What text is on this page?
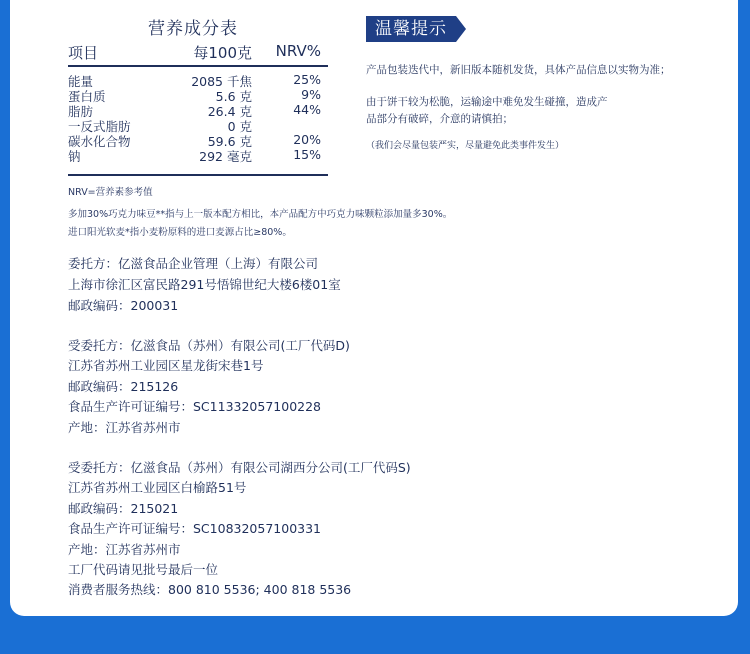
营养成分表
项目	每100克	NRV%
能量	2085 千焦	25%
蛋白质	5.6 克	9%
脂肪	26.4 克	44%
一反式脂肪	0 克
碳水化合物	59.6 克	20%
钠	292 毫克	15%
NRV=营养素参考值
多加30%巧克力味豆**指与上一版本配方相比，本产品配方中巧克力味颗粒添加量多30%。
进口阳光软麦*指小麦粉原料的进口麦源占比≥80%。
温馨提示
产品包装迭代中，新旧版本随机发货，具体产品信息以实物为准；
由于饼干较为松脆，运输途中难免发生碰撞，造成产
品部分有破碎，介意的请慎拍；
（我们会尽量包装严实，尽量避免此类事件发生）
委托方：亿滋食品企业管理（上海）有限公司
上海市徐汇区富民路291号悟锦世纪大楼6楼01室
邮政编码：200031
受委托方：亿滋食品（苏州）有限公司(工厂代码D)
江苏省苏州工业园区星龙街宋巷1号
邮政编码：215126
食品生产许可证编号：SC11332057100228
产地：江苏省苏州市
受委托方：亿滋食品（苏州）有限公司湖西分公司(工厂代码S)
江苏省苏州工业园区白榆路51号
邮政编码：215021
食品生产许可证编号：SC10832057100331
产地：江苏省苏州市
工厂代码请见批号最后一位
消费者服务热线：800 810 5536; 400 818 5536
